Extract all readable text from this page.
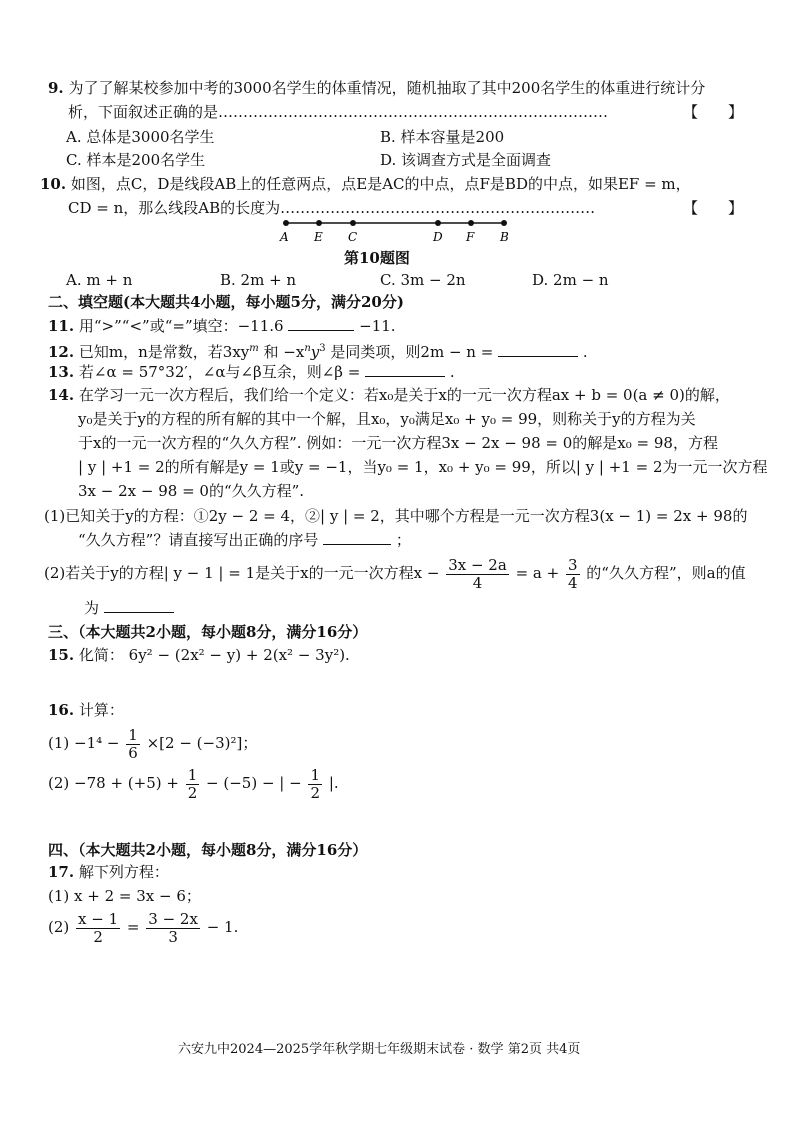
9. 为了了解某校参加中考的3000名学生的体重情况，随机抽取了其中200名学生的体重进行统计分
析，下面叙述正确的是……………………………………………………………………	【　　】
A. 总体是3000名学生	B. 样本容量是200
C. 样本是200名学生	D. 该调查方式是全面调查
10. 如图，点C，D是线段AB上的任意两点，点E是AC的中点，点F是BD的中点，如果EF = m，
CD = n，那么线段AB的长度为………………………………………………………	【　　】
A E C	D F B
第10题图
A. m + n	B. 2m + n	C. 3m − 2n	D. 2m − n
二、填空题(本大题共4小题，每小题5分，满分20分)
11. 用“>”“<”或“=”填空：−11.6	−11.
12. 已知m，n是常数，若$3xy^m$ 和 $-x^ny^3$ 是同类项，则2m − n =	.
13. 若∠α = 57°32′，∠α与∠β互余，则∠β =	.
14. 在学习一元一次方程后，我们给一个定义：若x₀是关于x的一元一次方程ax + b = 0(a ≠ 0)的解，
y₀是关于y的方程的所有解的其中一个解，且x₀，y₀满足x₀ + y₀ = 99，则称关于y的方程为关
于x的一元一次方程的“久久方程”. 例如：一元一次方程3x − 2x − 98 = 0的解是x₀ = 98，方程
| y | +1 = 2的所有解是y = 1或y = −1，当y₀ = 1，x₀ + y₀ = 99，所以| y | +1 = 2为一元一次方程
3x − 2x − 98 = 0的“久久方程”.
(1)已知关于y的方程：①2y − 2 = 4，②| y | = 2，其中哪个方程是一元一次方程3(x − 1) = 2x + 98的
“久久方程”？请直接写出正确的序号	；
(2)若关于y的方程| y − 1 | = 1是关于x的一元一次方程$x - \frac{3x - 2a}{4} = a + \frac{3}{4}$ 的“久久方程”，则a的值
为
三、（本大题共2小题，每小题8分，满分16分）
15. 化简： 6y² − (2x² − y) + 2(x² − 3y²).
16. 计算：
$(1) -1^4 - \frac{1}{6} \times[2 - (-3)^2]$；
$(2) -78 + (+5) + \frac{1}{2} - (-5)$ − | − $\frac{1}{2}$ |.
四、（本大题共2小题，每小题8分，满分16分）
17. 解下列方程：
(1) x + 2 = 3x − 6；
$(2) \frac{x - 1}{2} = \frac{3 - 2x}{3} - 1$.
六安九中2024—2025学年秋学期七年级期末试卷 · 数学 第2页 共4页
